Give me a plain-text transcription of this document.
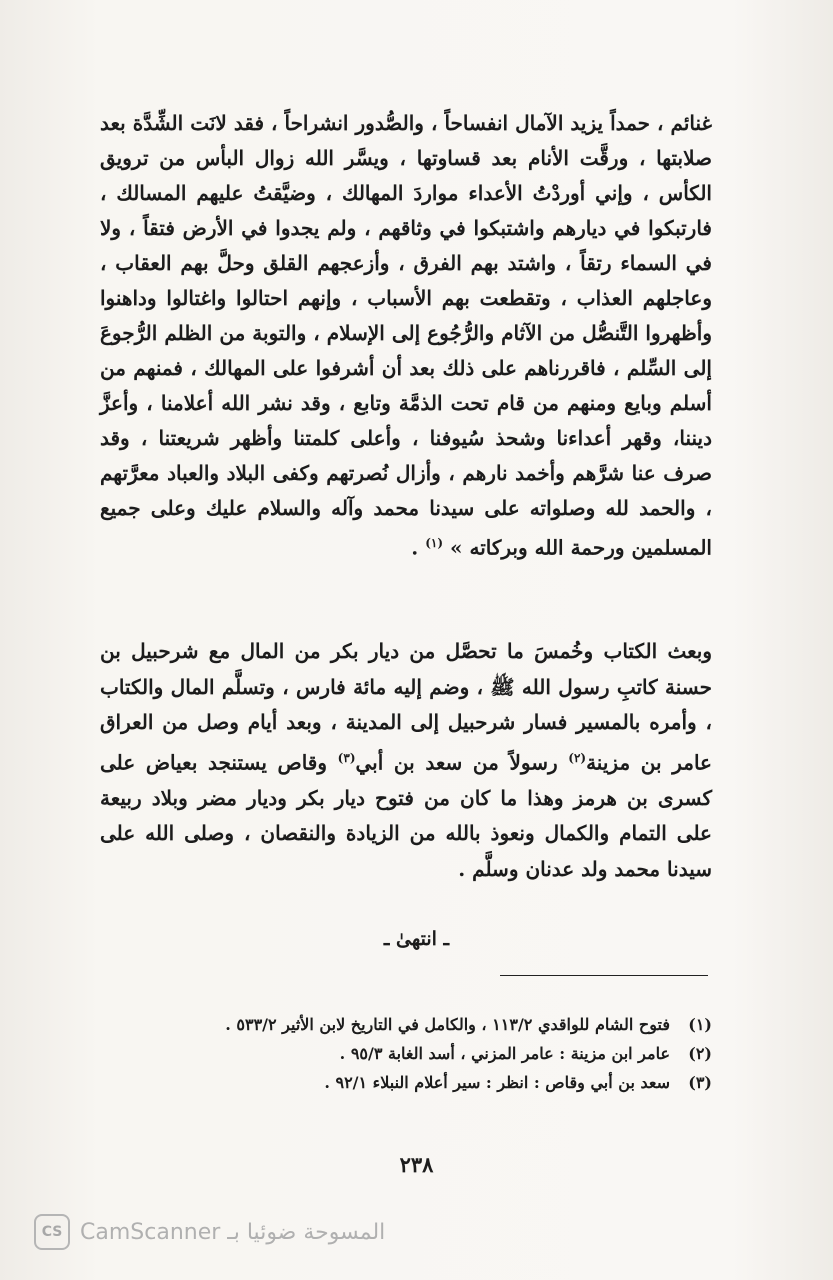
غنائم ، حمداً يزيد الآمال انفساحاً ، والصُّدور انشراحاً ، فقد لانَت الشِّدَّة بعد صلابتها ، ورقَّت الأنام بعد قساوتها ، ويسَّر الله زوال البأس من ترويق الكأس ، وإني أوردْتُ الأعداء مواردَ المهالك ، وضيَّقتُ عليهم المسالك ، فارتبكوا في ديارهم واشتبكوا في وثاقهم ، ولم يجدوا في الأرض فتقاً ، ولا في السماء رتقاً ، واشتد بهم الفرق ، وأزعجهم القلق وحلَّ بهم العقاب ، وعاجلهم العذاب ، وتقطعت بهم الأسباب ، وإنهم احتالوا واغتالوا وداهنوا وأظهروا التَّنصُّل من الآثام والرُّجُوع إلى الإسلام ، والتوبة من الظلم الرُّجوعَ إلى السِّلم ، فاقررناهم على ذلك بعد أن أشرفوا على المهالك ، فمنهم من أسلم وبايع ومنهم من قام تحت الذمَّة وتابع ، وقد نشر الله أعلامنا ، وأعزَّ ديننا، وقهر أعداءنا وشحذ سُيوفنا ، وأعلى كلمتنا وأظهر شريعتنا ، وقد صرف عنا شرَّهم وأخمد نارهم ، وأزال نُصرتهم وكفى البلاد والعباد معرَّتهم ، والحمد لله وصلواته على سيدنا محمد وآله والسلام عليك وعلى جميع المسلمين ورحمة الله وبركاته » $^{(١)}$ .

وبعث الكتاب وخُمسَ ما تحصَّل من ديار بكر من المال مع شرحبيل بن حسنة كاتبِ رسول الله ﷺ ، وضم إليه مائة فارس ، وتسلَّم المال والكتاب ، وأمره بالمسير فسار شرحبيل إلى المدينة ، وبعد أيام وصل من العراق عامر بن مزينة$^{(٢)}$ رسولاً من سعد بن أبي$^{(٣)}$ وقاص يستنجد بعياض على كسرى بن هرمز وهذا ما كان من فتوح ديار بكر وديار مضر وبلاد ربيعة على التمام والكمال ونعوذ بالله من الزيادة والنقصان ، وصلى الله على سيدنا محمد ولد عدنان وسلَّم .
ـ انتهىٰ ـ
(١)
فتوح الشام للواقدي ١١٣/٢ ، والكامل في التاريخ لابن الأثير ٥٣٣/٢ .
(٢)
عامر ابن مزينة : عامر المزني ، أسد الغابة ٩٥/٣ .
(٣)
سعد بن أبي وقاص : انظر : سير أعلام النبلاء ٩٢/١ .
٢٣٨
CS المسوحة ضوئيا بـ CamScanner
